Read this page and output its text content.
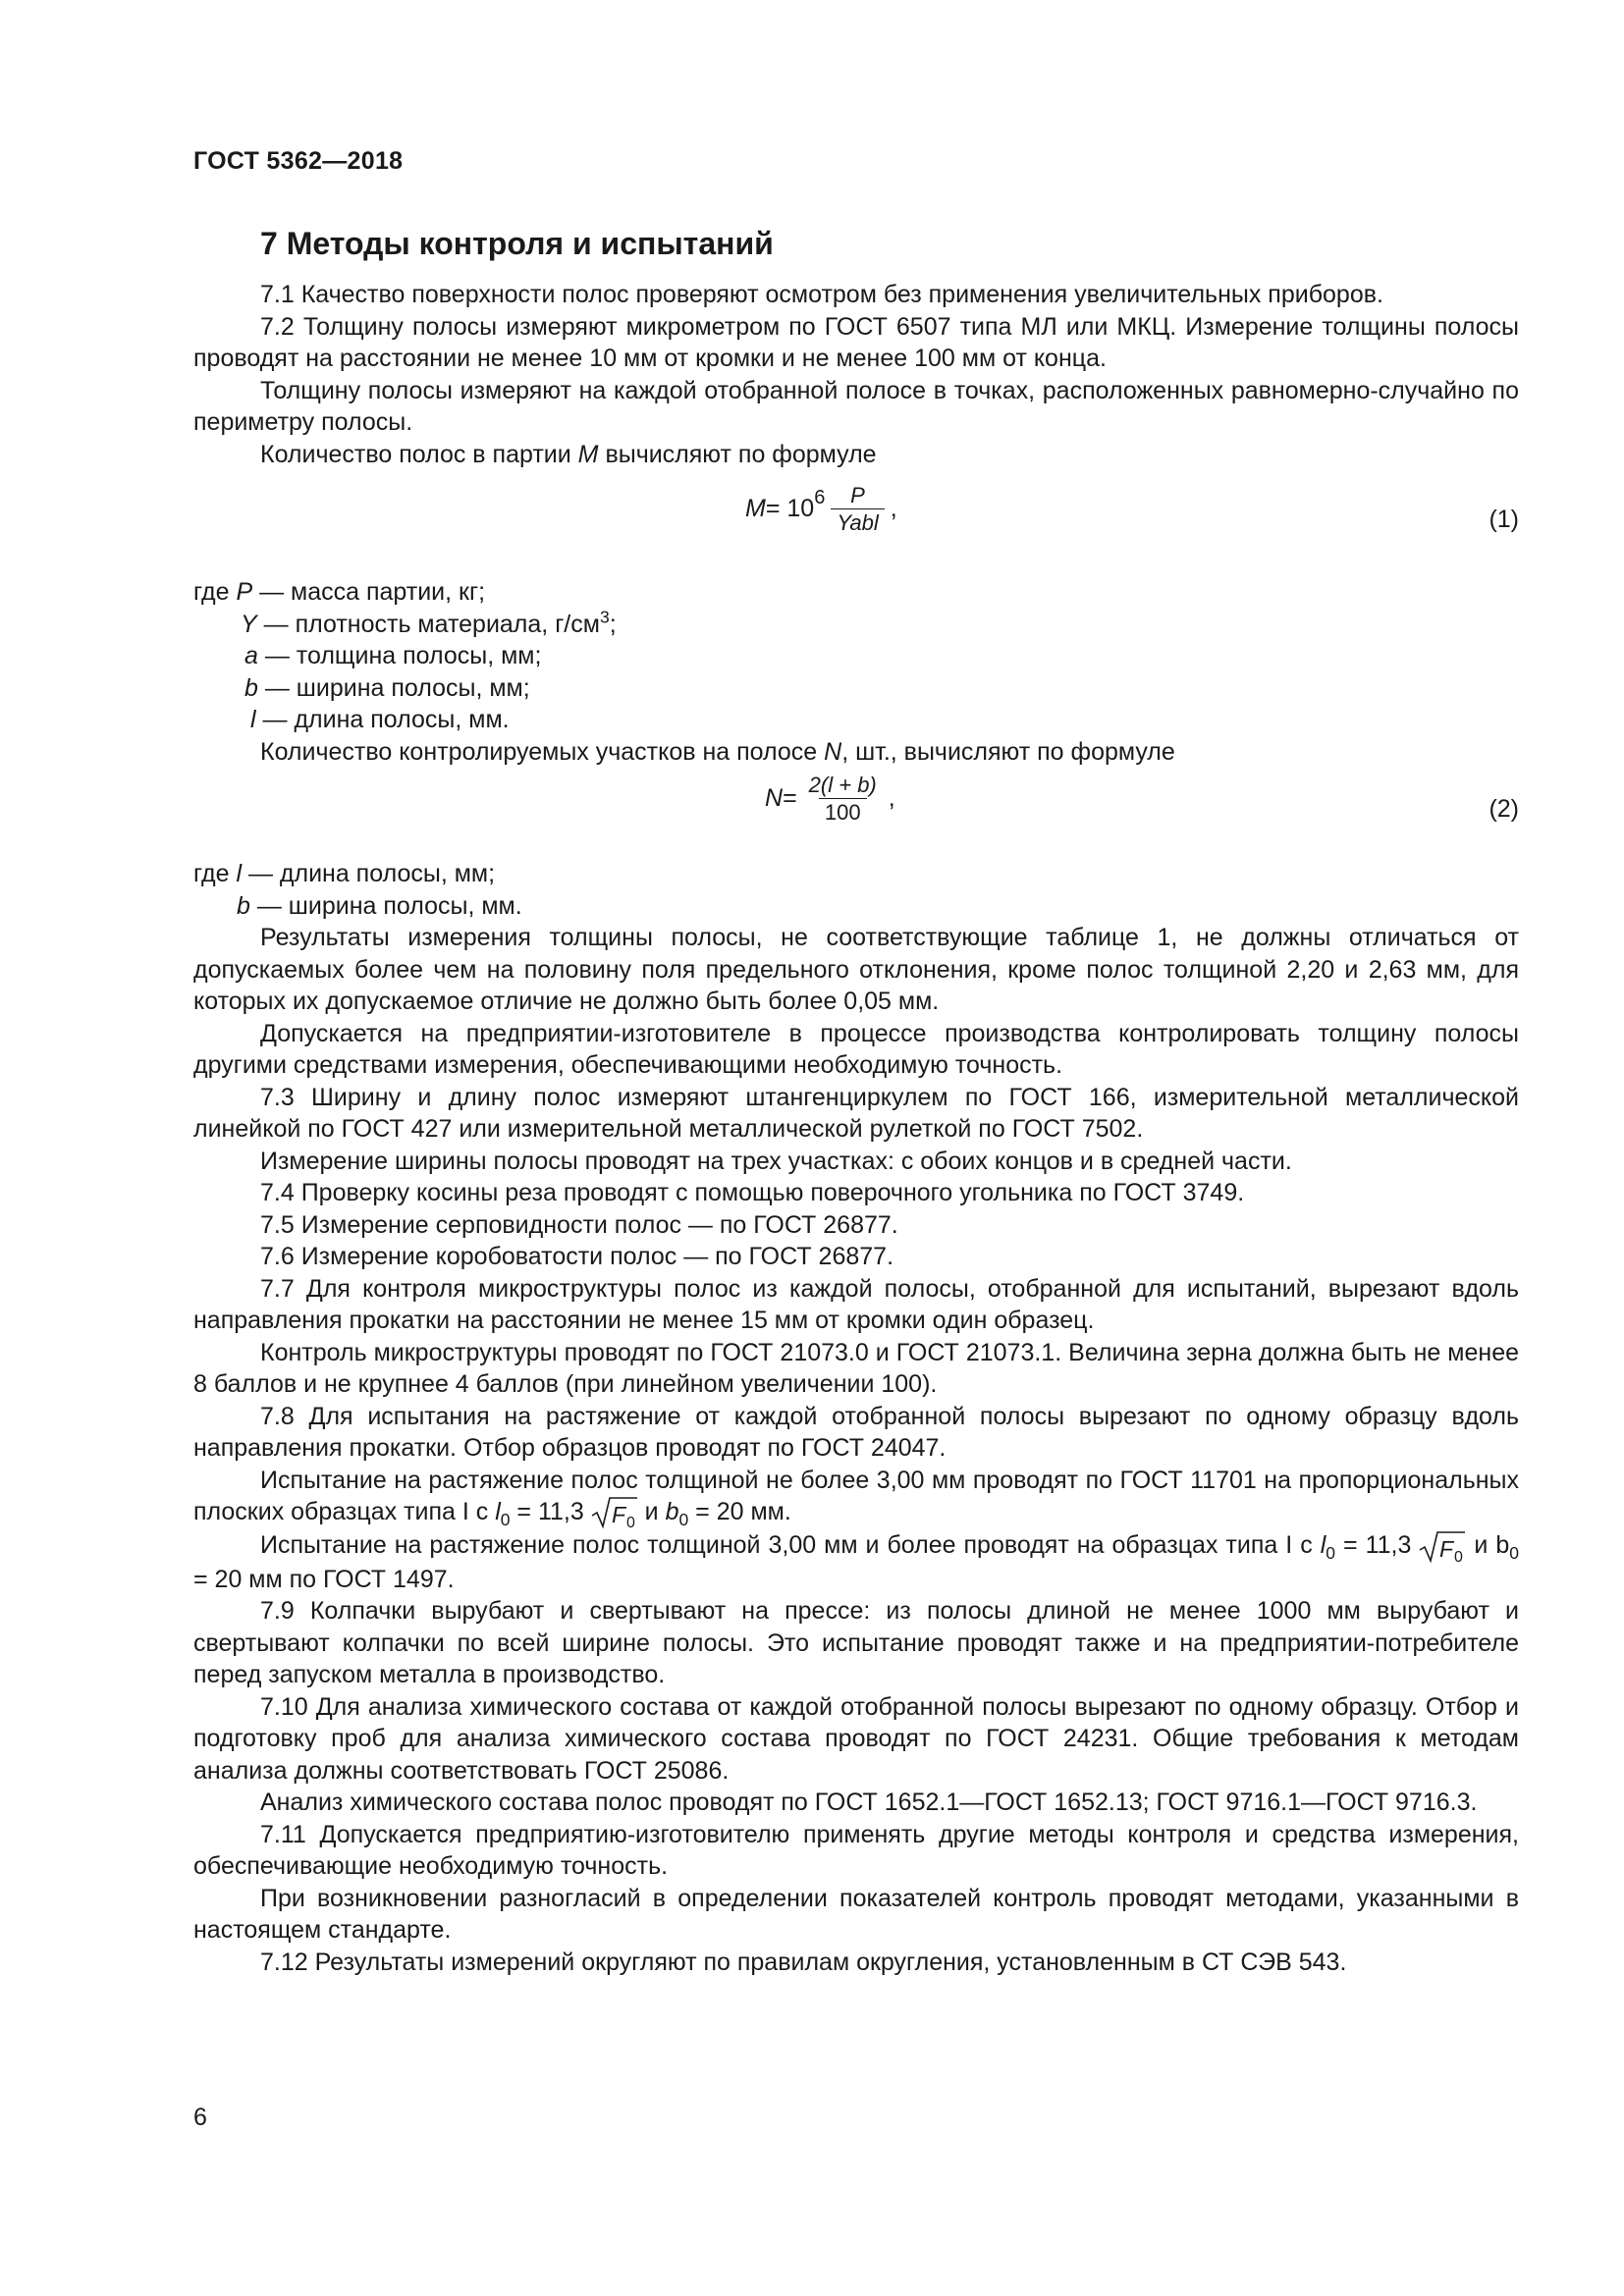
ГОСТ 5362—2018
7 Методы контроля и испытаний

7.1 Качество поверхности полос проверяют осмотром без применения увеличительных приборов.

7.2 Толщину полосы измеряют микрометром по ГОСТ 6507 типа МЛ или МКЦ. Измерение толщины полосы проводят на расстоянии не менее 10 мм от кромки и не менее 100 мм от конца.

Толщину полосы измеряют на каждой отобранной полосе в точках, расположенных равномерно-случайно по периметру полосы.

Количество полос в партии M вычисляют по формуле

$M = 10^6 \frac{P}{\text{Yabl}}$ ,	(1)
где P — масса партии, кг;
Y — плотность материала, $г/см^3$;
a — толщина полосы, мм;
b — ширина полосы, мм;
l — длина полосы, мм.

Количество контролируемых участков на полосе N, шт., вычисляют по формуле

$N = \frac{2(l + b)}{100}$ ,	(2)
где l — длина полосы, мм;
b — ширина полосы, мм.

Результаты измерения толщины полосы, не соответствующие таблице 1, не должны отличаться от допускаемых более чем на половину поля предельного отклонения, кроме полос толщиной 2,20 и 2,63 мм, для которых их допускаемое отличие не должно быть более 0,05 мм.

Допускается на предприятии-изготовителе в процессе производства контролировать толщину полосы другими средствами измерения, обеспечивающими необходимую точность.

7.3 Ширину и длину полос измеряют штангенциркулем по ГОСТ 166, измерительной металлической линейкой по ГОСТ 427 или измерительной металлической рулеткой по ГОСТ 7502.

Измерение ширины полосы проводят на трех участках: с обоих концов и в средней части.

7.4 Проверку косины реза проводят с помощью поверочного угольника по ГОСТ 3749.

7.5 Измерение серповидности полос — по ГОСТ 26877.

7.6 Измерение коробоватости полос — по ГОСТ 26877.

7.7 Для контроля микроструктуры полос из каждой полосы, отобранной для испытаний, вырезают вдоль направления прокатки на расстоянии не менее 15 мм от кромки один образец.

Контроль микроструктуры проводят по ГОСТ 21073.0 и ГОСТ 21073.1. Величина зерна должна быть не менее 8 баллов и не крупнее 4 баллов (при линейном увеличении 100).

7.8 Для испытания на растяжение от каждой отобранной полосы вырезают по одному образцу вдоль направления прокатки. Отбор образцов проводят по ГОСТ 24047.

Испытание на растяжение полос толщиной не более 3,00 мм проводят по ГОСТ 11701 на пропорциональных плоских образцах типа I с $l_0 = 11,3$ F 0 и $b_0 = 20$ мм.

Испытание на растяжение полос толщиной 3,00 мм и более проводят на образцах типа I с $l_0 = 11,3$ F 0 и $b_0 = 20$ мм по ГОСТ 1497.

7.9 Колпачки вырубают и свертывают на прессе: из полосы длиной не менее 1000 мм вырубают и свертывают колпачки по всей ширине полосы. Это испытание проводят также и на предприятии-потребителе перед запуском металла в производство.

7.10 Для анализа химического состава от каждой отобранной полосы вырезают по одному образцу. Отбор и подготовку проб для анализа химического состава проводят по ГОСТ 24231. Общие требования к методам анализа должны соответствовать ГОСТ 25086.

Анализ химического состава полос проводят по ГОСТ 1652.1—ГОСТ 1652.13; ГОСТ 9716.1—ГОСТ 9716.3.

7.11 Допускается предприятию-изготовителю применять другие методы контроля и средства измерения, обеспечивающие необходимую точность.

При возникновении разногласий в определении показателей контроль проводят методами, указанными в настоящем стандарте.

7.12 Результаты измерений округляют по правилам округления, установленным в СТ СЭВ 543.

6
